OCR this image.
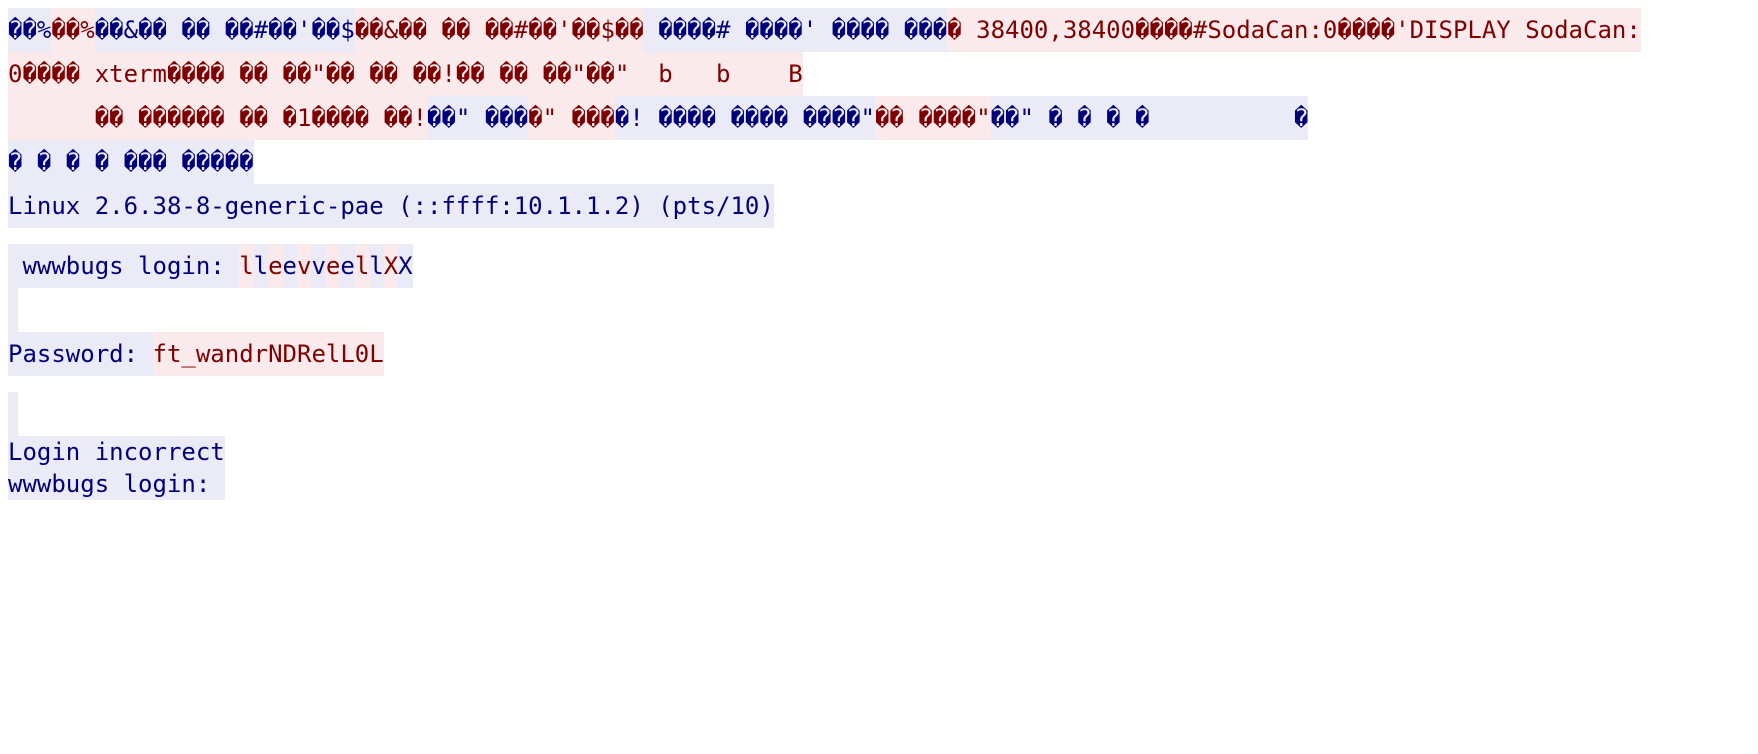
��%��%��&�� �� ��#��'��$��&�� �� ��#��'��$�� ����# ����' ���� ���� 38400,38400����#SodaCan:0����'DISPLAY SodaCan:
0���� xterm���� �� ��"�� �� ��!�� �� ��"��"  b   b    B
�� ������ �� �1���� ��!��" ����" ����! ���� ���� ����"�� ����"��" � � � �          �
� � � � ��� �����
Linux 2.6.38-8-generic-pae (::ffff:10.1.1.2) (pts/10)
wwwbugs login: lleevveellXX
Password: ft_wandrNDRelL0L
Login incorrect
wwwbugs login:
